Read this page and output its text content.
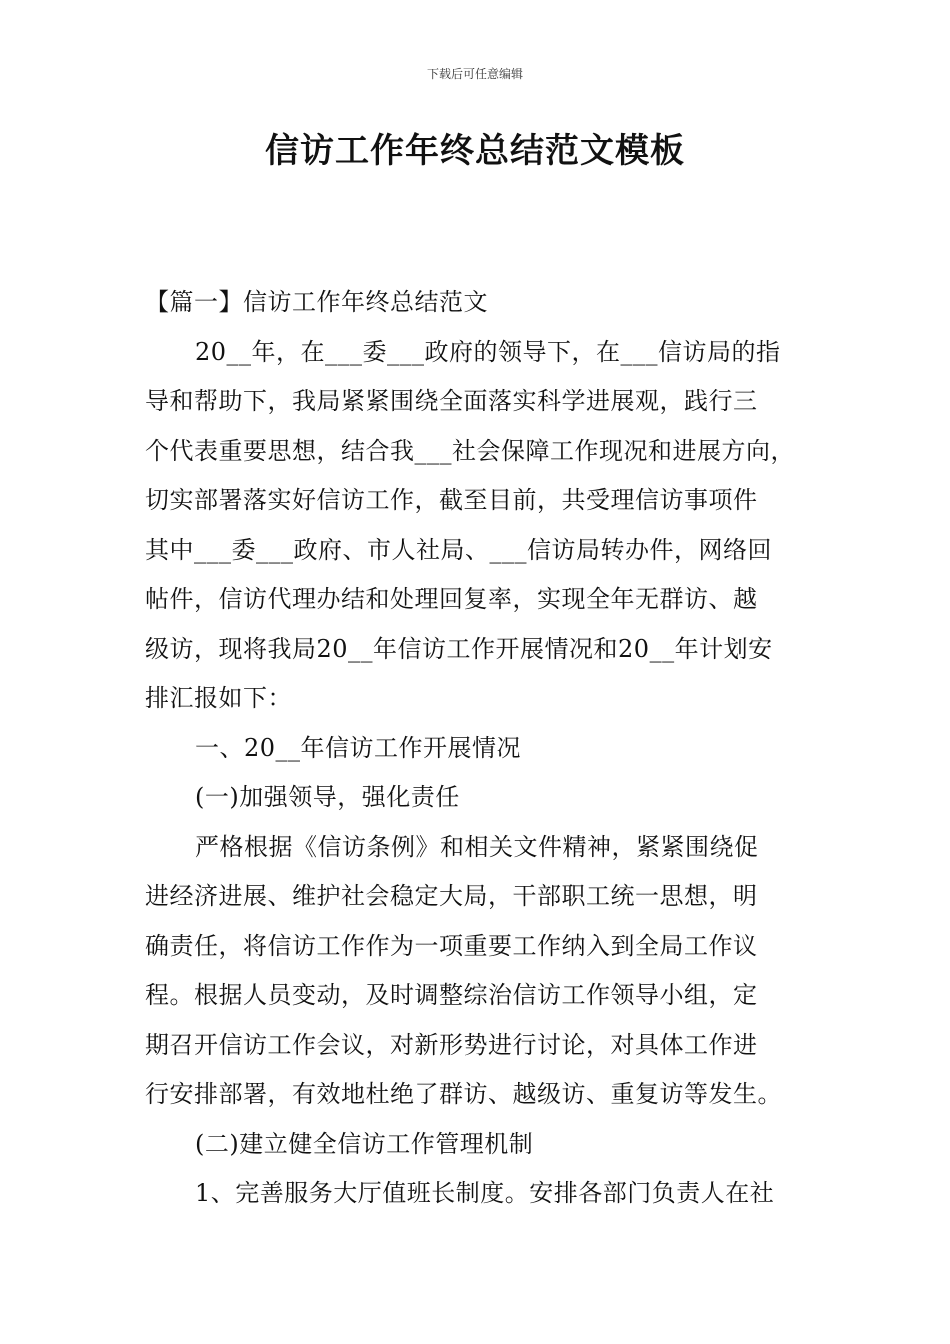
下载后可任意编辑
信访工作年终总结范文模板
【篇一】信访工作年终总结范文
20__年，在___委___政府的领导下，在___信访局的指
导和帮助下，我局紧紧围绕全面落实科学进展观，践行三
个代表重要思想，结合我___社会保障工作现况和进展方向，
切实部署落实好信访工作，截至目前，共受理信访事项件
其中___委___政府、市人社局、___信访局转办件，网络回
帖件，信访代理办结和处理回复率，实现全年无群访、越
级访，现将我局20__年信访工作开展情况和20__年计划安
排汇报如下：
一、20__年信访工作开展情况
(一)加强领导，强化责任
严格根据《信访条例》和相关文件精神，紧紧围绕促
进经济进展、维护社会稳定大局，干部职工统一思想，明
确责任，将信访工作作为一项重要工作纳入到全局工作议
程。根据人员变动，及时调整综治信访工作领导小组，定
期召开信访工作会议，对新形势进行讨论，对具体工作进
行安排部署，有效地杜绝了群访、越级访、重复访等发生。
(二)建立健全信访工作管理机制
1、完善服务大厅值班长制度。安排各部门负责人在社
